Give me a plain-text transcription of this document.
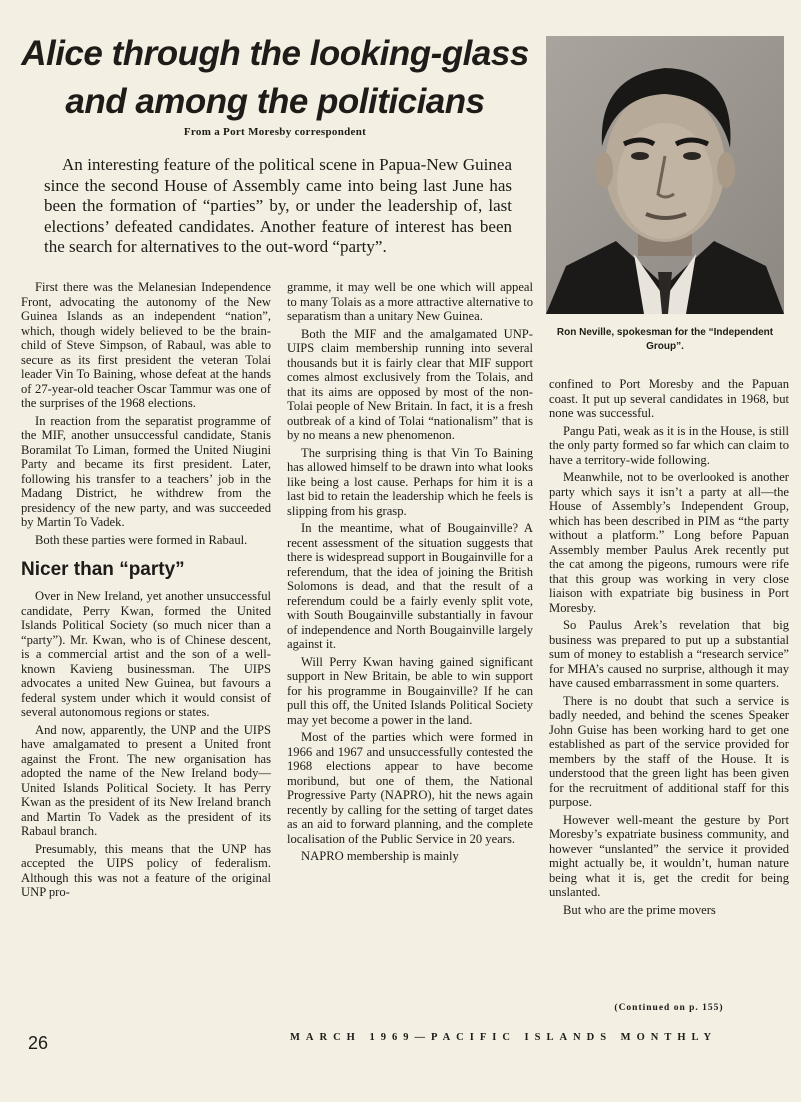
Alice through the looking-glass
and among the politicians
From a Port Moresby correspondent

An interesting feature of the political scene in Papua-New Guinea since the second House of Assembly came into being last June has been the formation of “parties” by, or under the leadership of, last elections’ defeated candidates. Another feature of interest has been the search for alternatives to the out-word “party”.

Ron Neville, spokesman for the “Independent Group”.

First there was the Melanesian Independence Front, advocating the autonomy of the New Guinea Islands as an independent “nation”, which, though widely believed to be the brain-child of Steve Simpson, of Rabaul, was able to secure as its first president the veteran Tolai leader Vin To Baining, whose defeat at the hands of 27-year-old teacher Oscar Tammur was one of the surprises of the 1968 elections.

In reaction from the separatist programme of the MIF, another unsuccessful candidate, Stanis Boramilat To Liman, formed the United Niugini Party and became its first president. Later, following his transfer to a teachers’ job in the Madang District, he withdrew from the presidency of the new party, and was succeeded by Martin To Vadek.

Both these parties were formed in Rabaul.

Nicer than “party”

Over in New Ireland, yet another unsuccessful candidate, Perry Kwan, formed the United Islands Political Society (so much nicer than a “party”). Mr. Kwan, who is of Chinese descent, is a commercial artist and the son of a well-known Kavieng businessman. The UIPS advocates a united New Guinea, but favours a federal system under which it would consist of several autonomous regions or states.

And now, apparently, the UNP and the UIPS have amalgamated to present a United front against the Front. The new organisation has adopted the name of the New Ireland body—United Islands Political Society. It has Perry Kwan as the president of its New Ireland branch and Martin To Vadek as the president of its Rabaul branch.

Presumably, this means that the UNP has accepted the UIPS policy of federalism. Although this was not a feature of the original UNP pro-

gramme, it may well be one which will appeal to many Tolais as a more attractive alternative to separatism than a unitary New Guinea.

Both the MIF and the amalgamated UNP-UIPS claim membership running into several thousands but it is fairly clear that MIF support comes almost exclusively from the Tolais, and that its aims are opposed by most of the non-Tolai people of New Britain. In fact, it is a fresh outbreak of a kind of Tolai “nationalism” that is by no means a new phenomenon.

The surprising thing is that Vin To Baining has allowed himself to be drawn into what looks like being a lost cause. Perhaps for him it is a last bid to retain the leadership which he feels is slipping from his grasp.

In the meantime, what of Bougainville? A recent assessment of the situation suggests that there is widespread support in Bougainville for a referendum, that the idea of joining the British Solomons is dead, and that the result of a referendum could be a fairly evenly split vote, with South Bougainville substantially in favour of independence and North Bougainville largely against it.

Will Perry Kwan having gained significant support in New Britain, be able to win support for his programme in Bougainville? If he can pull this off, the United Islands Political Society may yet become a power in the land.

Most of the parties which were formed in 1966 and 1967 and unsuccessfully contested the 1968 elections appear to have become moribund, but one of them, the National Progressive Party (NAPRO), hit the news again recently by calling for the setting of target dates as an aid to forward planning, and the complete localisation of the Public Service in 20 years.

NAPRO membership is mainly

confined to Port Moresby and the Papuan coast. It put up several candidates in 1968, but none was successful.

Pangu Pati, weak as it is in the House, is still the only party formed so far which can claim to have a territory-wide following.

Meanwhile, not to be overlooked is another party which says it isn’t a party at all—the House of Assembly’s Independent Group, which has been described in PIM as “the party without a platform.” Long before Papuan Assembly member Paulus Arek recently put the cat among the pigeons, rumours were rife that this group was working in very close liaison with expatriate big business in Port Moresby.

So Paulus Arek’s revelation that big business was prepared to put up a substantial sum of money to establish a “research service” for MHA’s caused no surprise, although it may have caused embarrassment in some quarters.

There is no doubt that such a service is badly needed, and behind the scenes Speaker John Guise has been working hard to get one established as part of the service provided for members by the staff of the House. It is understood that the green light has been given for the recruitment of additional staff for this purpose.

However well-meant the gesture by Port Moresby’s expatriate business community, and however “unslanted” the service it provided might actually be, it wouldn’t, human nature being what it is, get the credit for being unslanted.

But who are the prime movers

(Continued on p. 155)
26	MARCH 1969—PACIFIC ISLANDS MONTHLY
